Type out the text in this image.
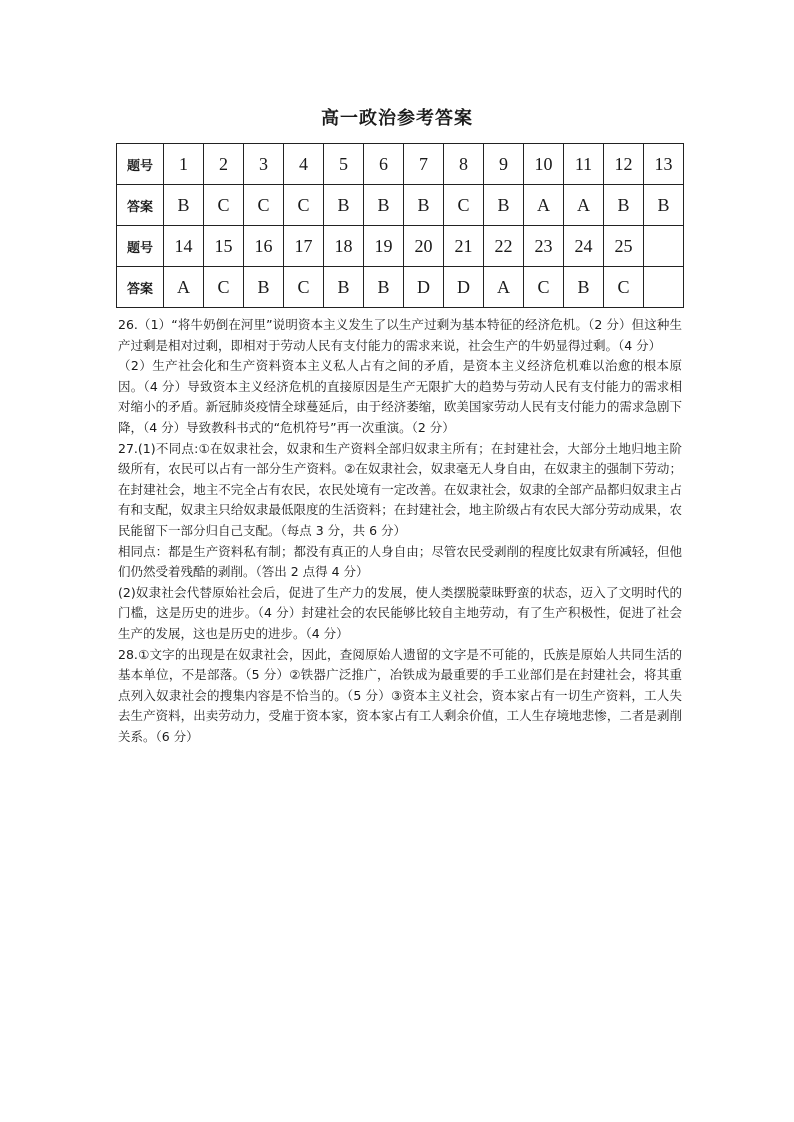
高一政治参考答案
题号	1	2	3	4	5	6	7	8	9	10	11	12	13
答案	B	C	C	C	B	B	B	C	B	A	A	B	B
题号	14	15	16	17	18	19	20	21	22	23	24	25	
答案	A	C	B	C	B	B	D	D	A	C	B	C	

26.（1）“将牛奶倒在河里”说明资本主义发生了以生产过剩为基本特征的经济危机。（2 分）但这种生产过剩是相对过剩，即相对于劳动人民有支付能力的需求来说，社会生产的牛奶显得过剩。（4 分）

（2）生产社会化和生产资料资本主义私人占有之间的矛盾，是资本主义经济危机难以治愈的根本原因。（4 分）导致资本主义经济危机的直接原因是生产无限扩大的趋势与劳动人民有支付能力的需求相对缩小的矛盾。新冠肺炎疫情全球蔓延后，由于经济萎缩，欧美国家劳动人民有支付能力的需求急剧下降，（4 分）导致教科书式的“危机符号”再一次重演。（2 分）

27.(1)不同点:①在奴隶社会，奴隶和生产资料全部归奴隶主所有；在封建社会，大部分土地归地主阶级所有，农民可以占有一部分生产资料。②在奴隶社会，奴隶毫无人身自由，在奴隶主的强制下劳动；在封建社会，地主不完全占有农民，农民处境有一定改善。在奴隶社会，奴隶的全部产品都归奴隶主占有和支配，奴隶主只给奴隶最低限度的生活资料；在封建社会，地主阶级占有农民大部分劳动成果，农民能留下一部分归自己支配。（每点 3 分，共 6 分）

相同点：都是生产资料私有制；都没有真正的人身自由；尽管农民受剥削的程度比奴隶有所减轻，但他们仍然受着残酷的剥削。（答出 2 点得 4 分）

(2)奴隶社会代替原始社会后，促进了生产力的发展，使人类摆脱蒙昧野蛮的状态，迈入了文明时代的门槛，这是历史的进步。（4 分）封建社会的农民能够比较自主地劳动，有了生产积极性，促进了社会生产的发展，这也是历史的进步。（4 分）

28.①文字的出现是在奴隶社会，因此，查阅原始人遗留的文字是不可能的，氏族是原始人共同生活的基本单位，不是部落。（5 分）②铁器广泛推广，冶铁成为最重要的手工业部们是在封建社会，将其重点列入奴隶社会的搜集内容是不恰当的。（5 分）③资本主义社会，资本家占有一切生产资料，工人失去生产资料，出卖劳动力，受雇于资本家，资本家占有工人剩余价值，工人生存境地悲惨，二者是剥削关系。（6 分）
